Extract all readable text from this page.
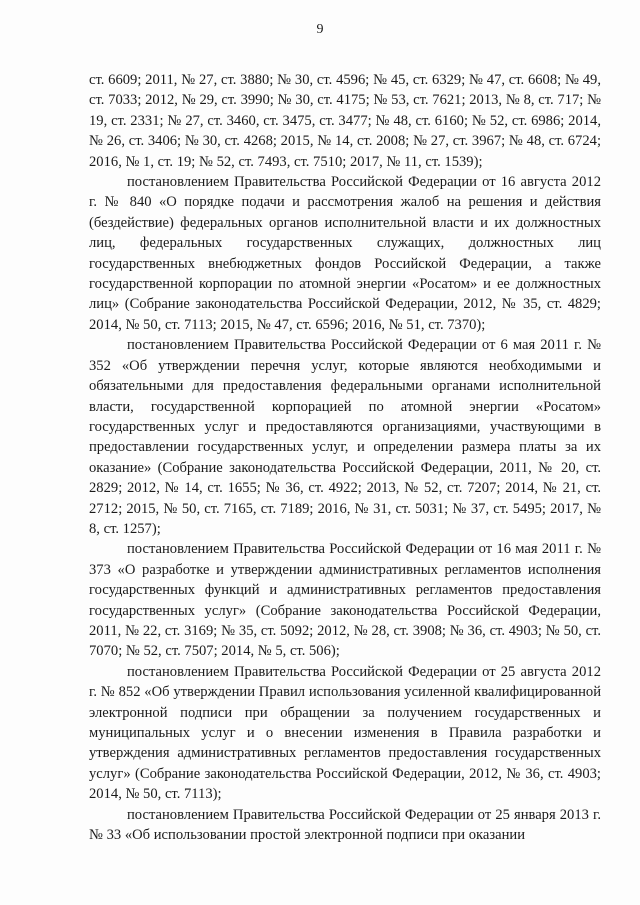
9

ст. 6609; 2011, № 27, ст. 3880; № 30, ст. 4596; № 45, ст. 6329; № 47, ст. 6608; № 49, ст. 7033; 2012, № 29, ст. 3990; № 30, ст. 4175; № 53, ст. 7621; 2013, № 8, ст. 717; № 19, ст. 2331; № 27, ст. 3460, ст. 3475, ст. 3477; № 48, ст. 6160; № 52, ст. 6986; 2014, № 26, ст. 3406; № 30, ст. 4268; 2015, № 14, ст. 2008; № 27, ст. 3967; № 48, ст. 6724; 2016, № 1, ст. 19; № 52, ст. 7493, ст. 7510; 2017, № 11, ст. 1539);

постановлением Правительства Российской Федерации от 16 августа 2012 г. № 840 «О порядке подачи и рассмотрения жалоб на решения и действия (бездействие) федеральных органов исполнительной власти и их должностных лиц, федеральных государственных служащих, должностных лиц государственных внебюджетных фондов Российской Федерации, а также государственной корпорации по атомной энергии «Росатом» и ее должностных лиц» (Собрание законодательства Российской Федерации, 2012, № 35, ст. 4829; 2014, № 50, ст. 7113; 2015, № 47, ст. 6596; 2016, № 51, ст. 7370);

постановлением Правительства Российской Федерации от 6 мая 2011 г. № 352 «Об утверждении перечня услуг, которые являются необходимыми и обязательными для предоставления федеральными органами исполнительной власти, государственной корпорацией по атомной энергии «Росатом» государственных услуг и предоставляются организациями, участвующими в предоставлении государственных услуг, и определении размера платы за их оказание» (Собрание законодательства Российской Федерации, 2011, № 20, ст. 2829; 2012, № 14, ст. 1655; № 36, ст. 4922; 2013, № 52, ст. 7207; 2014, № 21, ст. 2712; 2015, № 50, ст. 7165, ст. 7189; 2016, № 31, ст. 5031; № 37, ст. 5495; 2017, № 8, ст. 1257);

постановлением Правительства Российской Федерации от 16 мая 2011 г. № 373 «О разработке и утверждении административных регламентов исполнения государственных функций и административных регламентов предоставления государственных услуг» (Собрание законодательства Российской Федерации, 2011, № 22, ст. 3169; № 35, ст. 5092; 2012, № 28, ст. 3908; № 36, ст. 4903; № 50, ст. 7070; № 52, ст. 7507; 2014, № 5, ст. 506);

постановлением Правительства Российской Федерации от 25 августа 2012 г. № 852 «Об утверждении Правил использования усиленной квалифицированной электронной подписи при обращении за получением государственных и муниципальных услуг и о внесении изменения в Правила разработки и утверждения административных регламентов предоставления государственных услуг» (Собрание законодательства Российской Федерации, 2012, № 36, ст. 4903; 2014, № 50, ст. 7113);

постановлением Правительства Российской Федерации от 25 января 2013 г. № 33 «Об использовании простой электронной подписи при оказании
